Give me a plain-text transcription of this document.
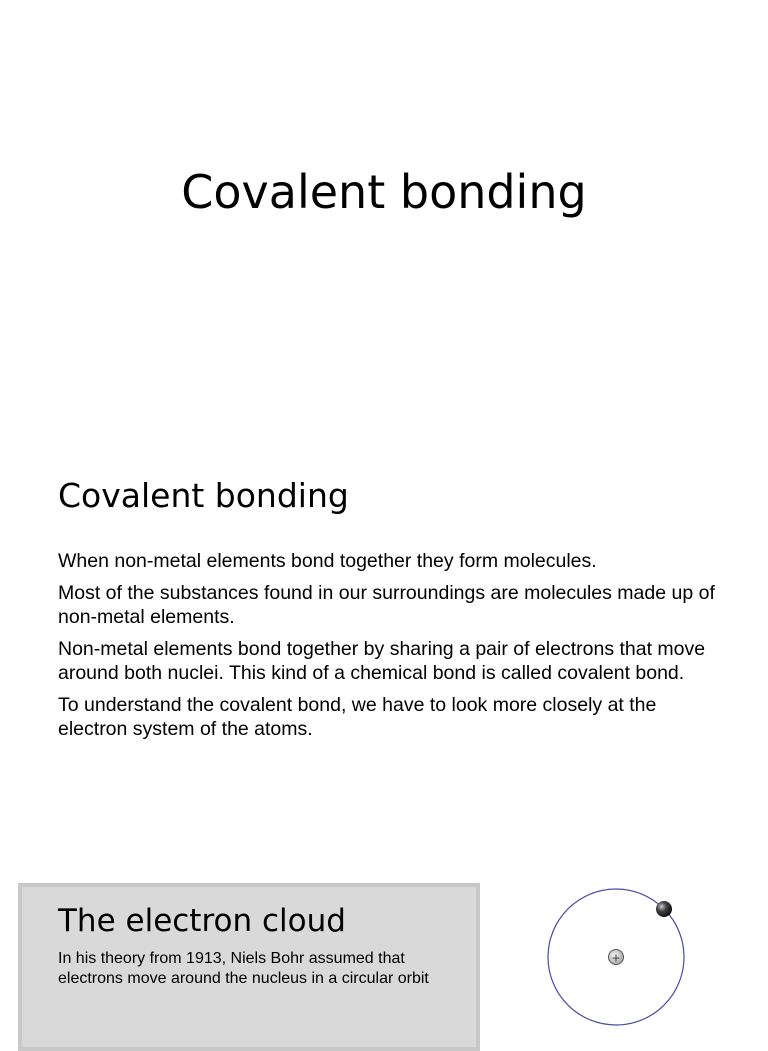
Covalent bonding
Covalent bonding

When non-metal elements bond together they form molecules.

Most of the substances found in our surroundings are molecules made up of non-metal elements.

Non-metal elements bond together by sharing a pair of electrons that move around both nuclei. This kind of a chemical bond is called covalent bond.

To understand the covalent bond, we have to look more closely at the electron system of the atoms.

The electron cloud

In his theory from 1913, Niels Bohr assumed that electrons move around the nucleus in a circular orbit

+
